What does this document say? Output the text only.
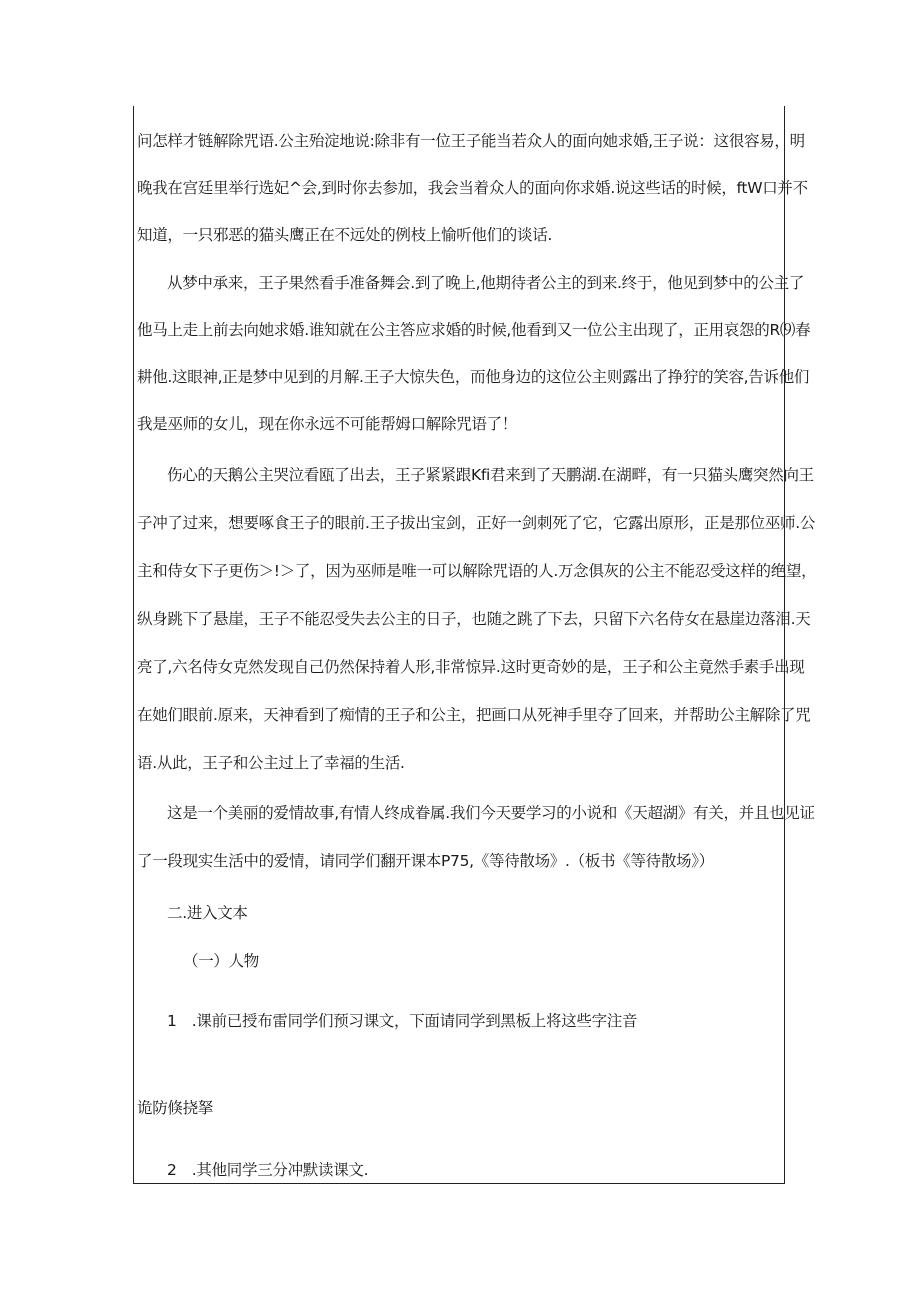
问怎样才链解除咒语.公主殆淀地说:除非有一位王子能当若众人的面向她求婚,王子说：这很容易，明
晚我在宫廷里举行选妃^会,到时你去参加，我会当着众人的面向你求婚.说这些话的时候，ftW口并不
知道，一只邪恶的猫头鹰正在不远处的例枝上愉听他们的谈话.
从梦中承来，王子果然看手准备舞会.到了晚上,他期待者公主的到来.终于，他见到梦中的公主了
他马上走上前去向她求婚.谁知就在公主答应求婚的时候,他看到又一位公主出现了，正用哀怨的R⑼春
耕他.这眼神,正是梦中见到的月解.王子大惊失色，而他身边的这位公主则露出了挣狞的笑容,告诉他们
我是巫师的女儿，现在你永远不可能帮姆口解除咒语了！
伤心的天鹅公主哭泣看瓯了出去，王子紧紧跟Kfi君来到了天鹏湖.在湖畔，有一只猫头鹰突然向王
子冲了过来，想要啄食王子的眼前.王子拔出宝剑，正好一剑刺死了它，它露出原形，正是那位巫师.公
主和侍女下子更伤＞!＞了，因为巫师是唯一可以解除咒语的人.万念俱灰的公主不能忍受这样的绝望，
纵身跳下了悬崖，王子不能忍受失去公主的日子，也随之跳了下去，只留下六名侍女在悬崖边落泪.天
亮了,六名侍女克然发现自己仍然保持着人形,非常惊异.这时更奇妙的是，王子和公主竟然手素手出现
在她们眼前.原来，天神看到了痴情的王子和公主，把画口从死神手里夺了回来，并帮助公主解除了咒
语.从此，王子和公主过上了幸福的生活.
这是一个美丽的爱情故事,有情人终成眷属.我们今天要学习的小说和《天超湖》有关，并且也见证
了一段现实生活中的爱情，请同学们翻开课本P75,《等待散场》.（板书《等待散场》）
二.进入文本
（一）人物
1　.课前已授布雷同学们预习课文，下面请同学到黑板上将这些字注音
诡防倏挠拏
2　.其他同学三分冲默读课文.
